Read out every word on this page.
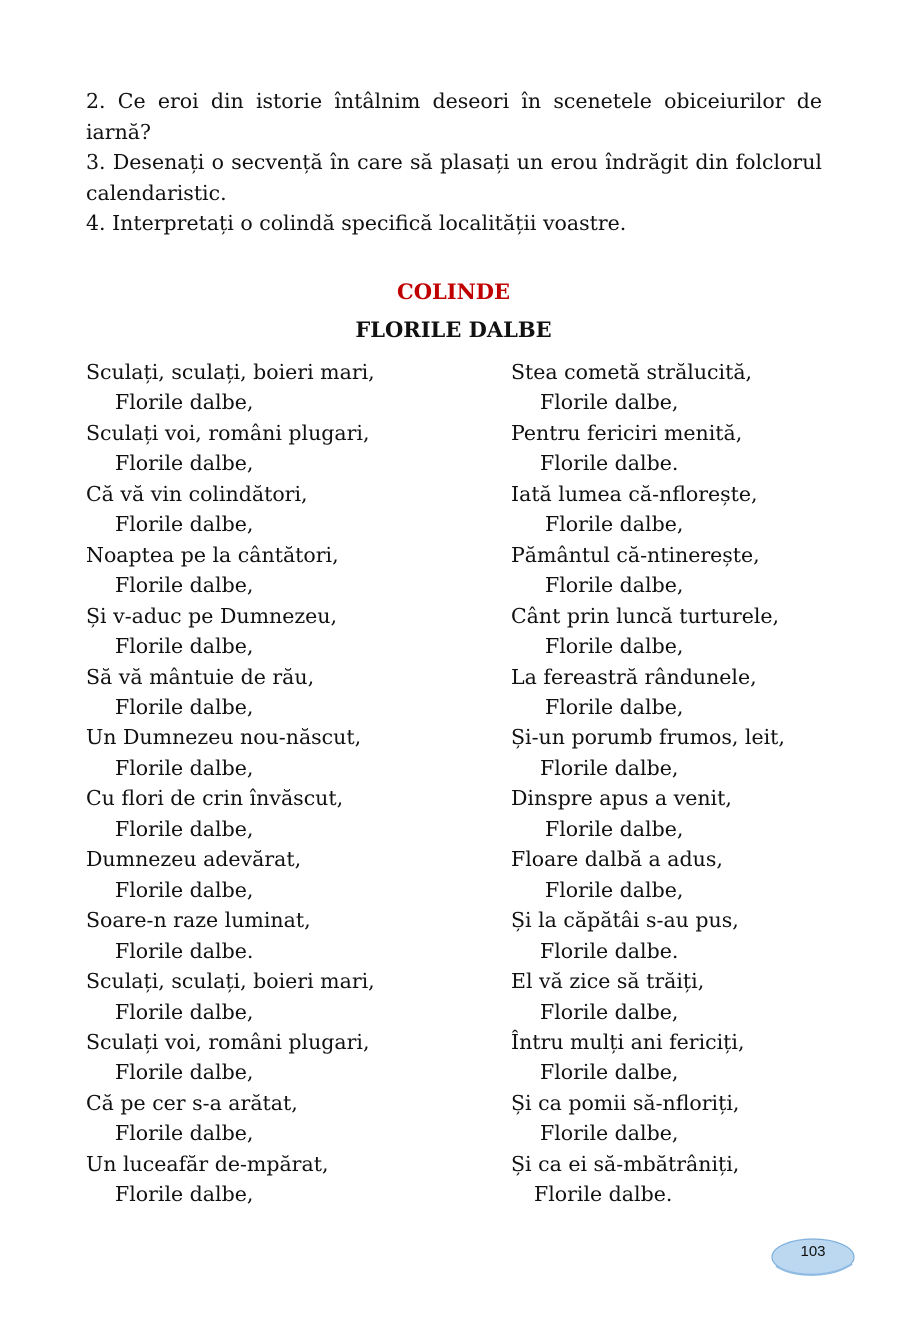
2. Ce eroi din istorie întâlnim deseori în scenetele obiceiurilor de iarnă?
3. Desenați o secvență în care să plasați un erou îndrăgit din folclorul calendaristic.
4. Interpretați o colindă specifică localității voastre.
COLINDE
FLORILE DALBE
Sculați, sculați, boieri mari,
Florile dalbe,
Sculați voi, români plugari,
Florile dalbe,
Că vă vin colindători,
Florile dalbe,
Noaptea pe la cântători,
Florile dalbe,
Și v-aduc pe Dumnezeu,
Florile dalbe,
Să vă mântuie de rău,
Florile dalbe,
Un Dumnezeu nou-născut,
Florile dalbe,
Cu flori de crin învăscut,
Florile dalbe,
Dumnezeu adevărat,
Florile dalbe,
Soare-n raze luminat,
Florile dalbe.
Sculați, sculați, boieri mari,
Florile dalbe,
Sculați voi, români plugari,
Florile dalbe,
Că pe cer s-a arătat,
Florile dalbe,
Un luceafăr de-mpărat,
Florile dalbe,
Stea cometă strălucită,
Florile dalbe,
Pentru fericiri menită,
Florile dalbe.
Iată lumea că-nflorește,
Florile dalbe,
Pământul că-ntinerește,
Florile dalbe,
Cânt prin luncă turturele,
Florile dalbe,
La fereastră rândunele,
Florile dalbe,
Și-un porumb frumos, leit,
Florile dalbe,
Dinspre apus a venit,
Florile dalbe,
Floare dalbă a adus,
Florile dalbe,
Și la căpătâi s-au pus,
Florile dalbe.
El vă zice să trăiți,
Florile dalbe,
Întru mulți ani fericiți,
Florile dalbe,
Și ca pomii să-nfloriți,
Florile dalbe,
Și ca ei să-mbătrâniți,
Florile dalbe.
103
